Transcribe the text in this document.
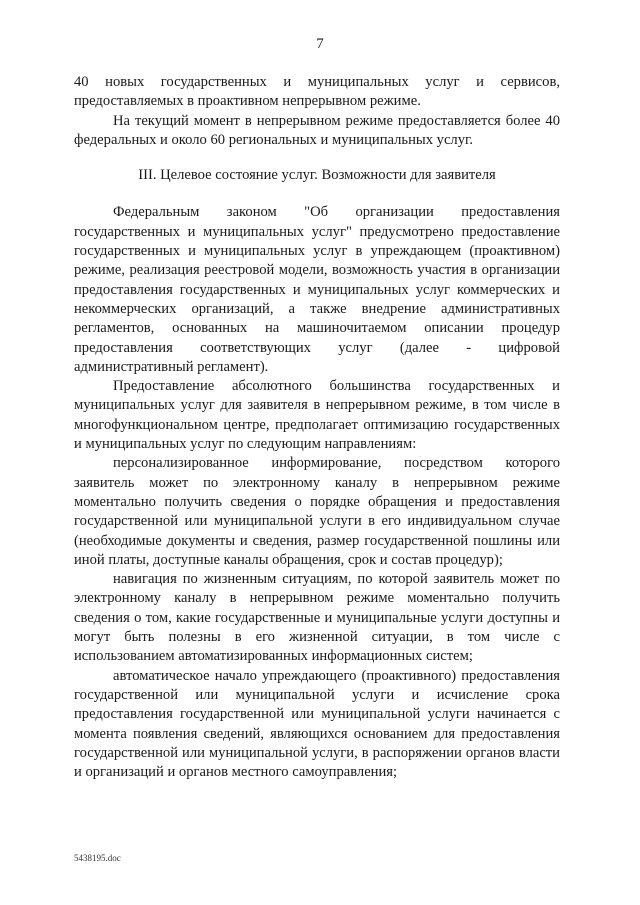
7

40 новых государственных и муниципальных услуг и сервисов, предоставляемых в проактивном непрерывном режиме.

На текущий момент в непрерывном режиме предоставляется более 40 федеральных и около 60 региональных и муниципальных услуг.

III. Целевое состояние услуг. Возможности для заявителя

Федеральным законом "Об организации предоставления государственных и муниципальных услуг" предусмотрено предоставление государственных и муниципальных услуг в упреждающем (проактивном) режиме, реализация реестровой модели, возможность участия в организации предоставления государственных и муниципальных услуг коммерческих и некоммерческих организаций, а также внедрение административных регламентов, основанных на машиночитаемом описании процедур предоставления соответствующих услуг (далее - цифровой административный регламент).

Предоставление абсолютного большинства государственных и муниципальных услуг для заявителя в непрерывном режиме, в том числе в многофункциональном центре, предполагает оптимизацию государственных и муниципальных услуг по следующим направлениям:

персонализированное информирование, посредством которого заявитель может по электронному каналу в непрерывном режиме моментально получить сведения о порядке обращения и предоставления государственной или муниципальной услуги в его индивидуальном случае (необходимые документы и сведения, размер государственной пошлины или иной платы, доступные каналы обращения, срок и состав процедур);

навигация по жизненным ситуациям, по которой заявитель может по электронному каналу в непрерывном режиме моментально получить сведения о том, какие государственные и муниципальные услуги доступны и могут быть полезны в его жизненной ситуации, в том числе с использованием автоматизированных информационных систем;

автоматическое начало упреждающего (проактивного) предоставления государственной или муниципальной услуги и исчисление срока предоставления государственной или муниципальной услуги начинается с момента появления сведений, являющихся основанием для предоставления государственной или муниципальной услуги, в распоряжении органов власти и организаций и органов местного самоуправления;

5438195.doc
